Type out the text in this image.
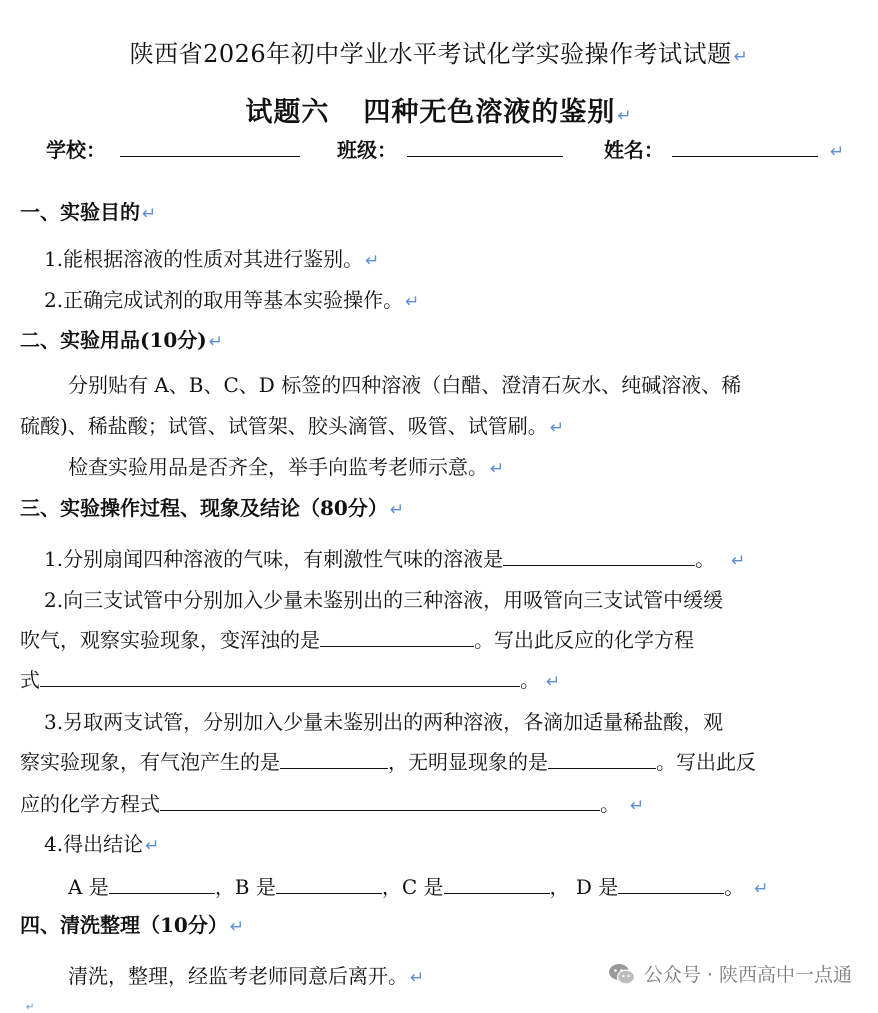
陕西省2026年初中学业水平考试化学实验操作考试试题 ↵
试题六 四种无色溶液的鉴别 ↵
学校：	班级：	姓名：	↵
一、实验目的 ↵
1.能根据溶液的性质对其进行鉴别。 ↵
2.正确完成试剂的取用等基本实验操作。 ↵
二、实验用品(10分) ↵
分别贴有 A、B、C、D 标签的四种溶液（白醋、澄清石灰水、纯碱溶液、稀
硫酸)、稀盐酸；试管、试管架、胶头滴管、吸管、试管刷。 ↵
检查实验用品是否齐全，举手向监考老师示意。 ↵
三、实验操作过程、现象及结论（80分） ↵
1.分别扇闻四种溶液的气味，有刺激性气味的溶液是	。 ↵
2.向三支试管中分别加入少量未鉴别出的三种溶液，用吸管向三支试管中缓缓
吹气，观察实验现象，变浑浊的是	。写出此反应的化学方程
式	。 ↵
3.另取两支试管，分别加入少量未鉴别出的两种溶液，各滴加适量稀盐酸，观
察实验现象，有气泡产生的是	，无明显现象的是	。写出此反
应的化学方程式	。 ↵
4.得出结论 ↵
A 是	，B 是	，C 是	， D 是	。 ↵
四、清洗整理（10分） ↵
清洗，整理，经监考老师同意后离开。 ↵	公众号 · 陕西高中一点通
↵
